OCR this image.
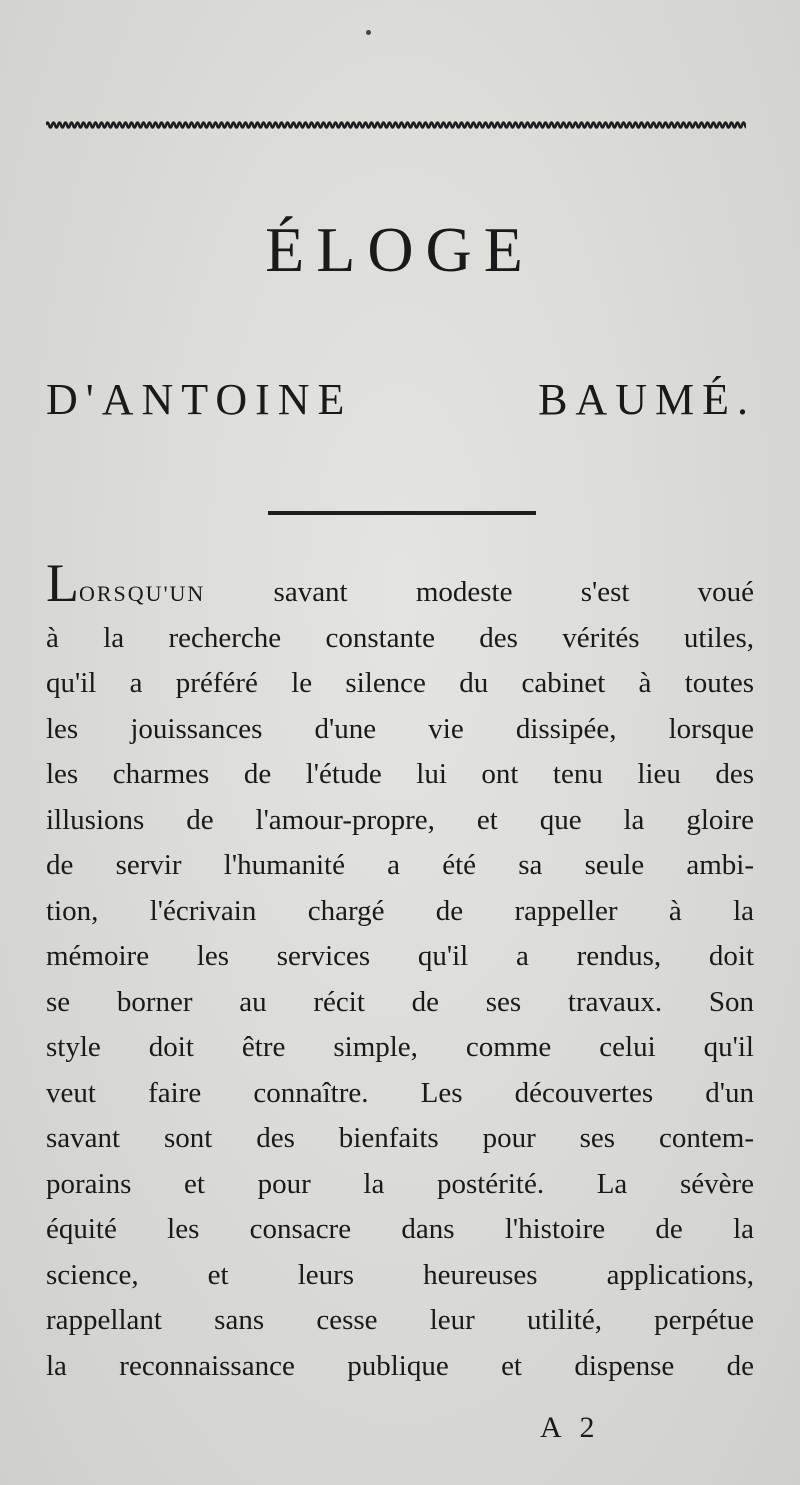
ÉLOGE
D'ANTOINE BAUMÉ.
LORSQU'UN savant modeste s'est voué
à la recherche constante des vérités utiles,
qu'il a préféré le silence du cabinet à toutes
les jouissances d'une vie dissipée, lorsque
les charmes de l'étude lui ont tenu lieu des
illusions de l'amour-propre, et que la gloire
de servir l'humanité a été sa seule ambi-
tion, l'écrivain chargé de rappeller à la
mémoire les services qu'il a rendus, doit
se borner au récit de ses travaux. Son
style doit être simple, comme celui qu'il
veut faire connaître. Les découvertes d'un
savant sont des bienfaits pour ses contem-
porains et pour la postérité. La sévère
équité les consacre dans l'histoire de la
science, et leurs heureuses applications,
rappellant sans cesse leur utilité, perpétue
la reconnaissance publique et dispense de
A 2
